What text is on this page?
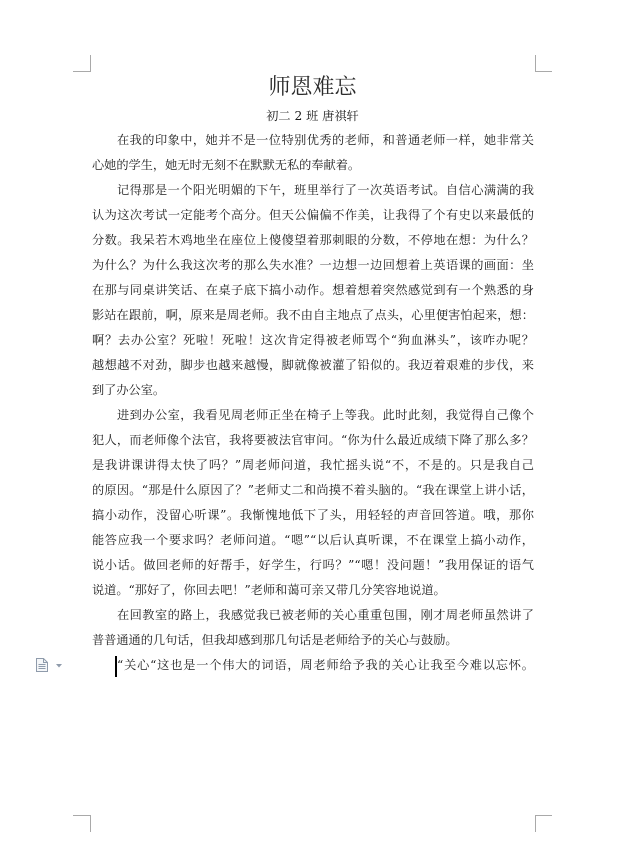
师恩难忘
初二 2 班 唐祺轩
在我的印象中，她并不是一位特别优秀的老师，和普通老师一样，她非常关
心她的学生，她无时无刻不在默默无私的奉献着。
记得那是一个阳光明媚的下午，班里举行了一次英语考试。自信心满满的我
认为这次考试一定能考个高分。但天公偏偏不作美，让我得了个有史以来最低的
分数。我呆若木鸡地坐在座位上傻傻望着那刺眼的分数，不停地在想：为什么？
为什么？为什么我这次考的那么失水准？一边想一边回想着上英语课的画面：坐
在那与同桌讲笑话、在桌子底下搞小动作。想着想着突然感觉到有一个熟悉的身
影站在跟前，啊，原来是周老师。我不由自主地点了点头，心里便害怕起来，想：
啊？去办公室？死啦！死啦！这次肯定得被老师骂个“狗血淋头”，该咋办呢？
越想越不对劲，脚步也越来越慢，脚就像被灌了铅似的。我迈着艰难的步伐，来
到了办公室。
进到办公室，我看见周老师正坐在椅子上等我。此时此刻，我觉得自己像个
犯人，而老师像个法官，我将要被法官审问。“你为什么最近成绩下降了那么多？
是我讲课讲得太快了吗？”周老师问道，我忙摇头说“不，不是的。只是我自己
的原因。“那是什么原因了？”老师丈二和尚摸不着头脑的。“我在课堂上讲小话，
搞小动作，没留心听课”。我惭愧地低下了头，用轻轻的声音回答道。哦，那你
能答应我一个要求吗？老师问道。“嗯”“以后认真听课，不在课堂上搞小动作，
说小话。做回老师的好帮手，好学生，行吗？”“嗯！没问题！”我用保证的语气
说道。“那好了，你回去吧！”老师和蔼可亲又带几分笑容地说道。
在回教室的路上，我感觉我已被老师的关心重重包围，刚才周老师虽然讲了
普普通通的几句话，但我却感到那几句话是老师给予的关心与鼓励。
“关心“这也是一个伟大的词语，周老师给予我的关心让我至今难以忘怀。
